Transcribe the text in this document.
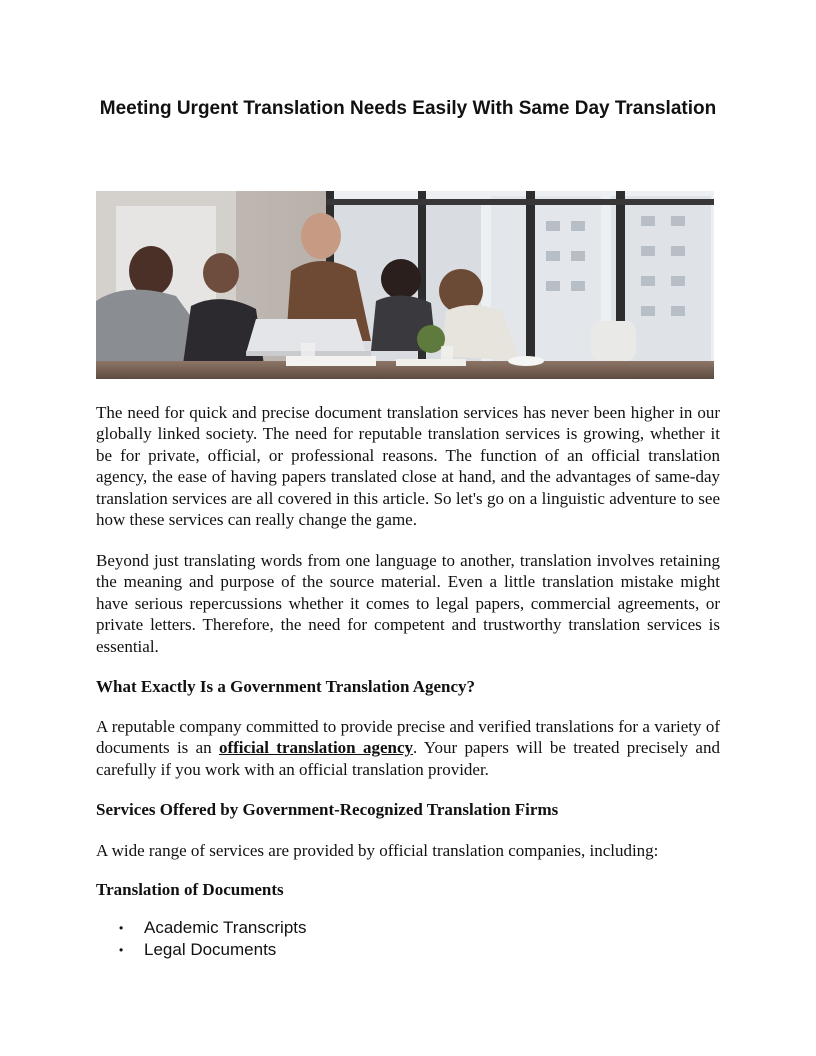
Meeting Urgent Translation Needs Easily With Same Day Translation

The need for quick and precise document translation services has never been higher in our globally linked society. The need for reputable translation services is growing, whether it be for private, official, or professional reasons. The function of an official translation agency, the ease of having papers translated close at hand, and the advantages of same-day translation services are all covered in this article. So let's go on a linguistic adventure to see how these services can really change the game.

Beyond just translating words from one language to another, translation involves retaining the meaning and purpose of the source material. Even a little translation mistake might have serious repercussions whether it comes to legal papers, commercial agreements, or private letters. Therefore, the need for competent and trustworthy translation services is essential.

What Exactly Is a Government Translation Agency?

A reputable company committed to provide precise and verified translations for a variety of documents is an official translation agency. Your papers will be treated precisely and carefully if you work with an official translation provider.

Services Offered by Government-Recognized Translation Firms

A wide range of services are provided by official translation companies, including:

Translation of Documents

• Academic Transcripts
• Legal Documents
